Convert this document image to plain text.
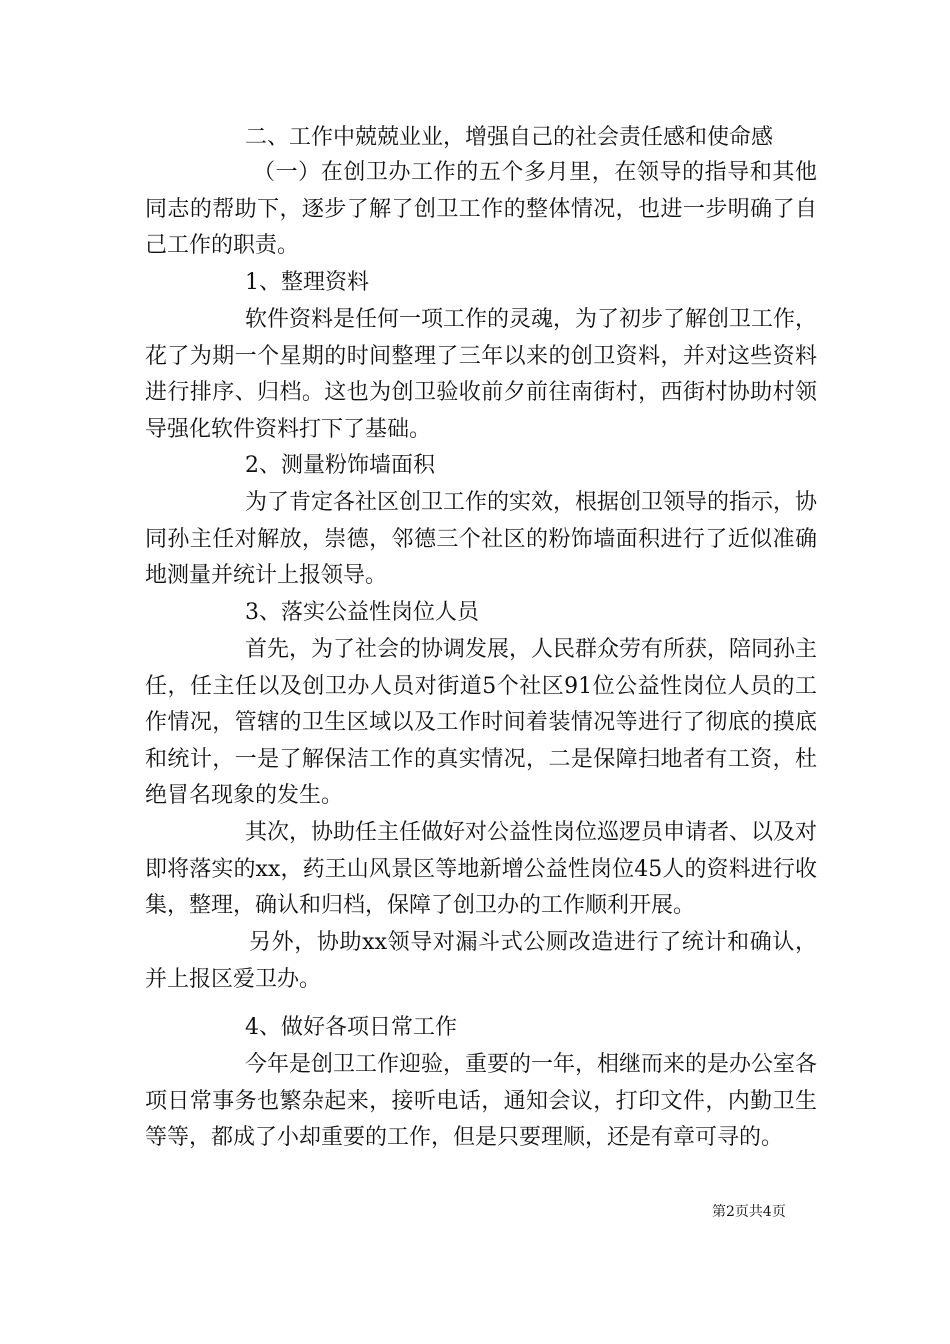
二、工作中兢兢业业，增强自己的社会责任感和使命感
（一）在创卫办工作的五个多月里，在领导的指导和其他同志的帮助下，逐步了解了创卫工作的整体情况，也进一步明确了自己工作的职责。
1、整理资料
软件资料是任何一项工作的灵魂，为了初步了解创卫工作，花了为期一个星期的时间整理了三年以来的创卫资料，并对这些资料进行排序、归档。这也为创卫验收前夕前往南街村，西街村协助村领导强化软件资料打下了基础。
2、测量粉饰墙面积
为了肯定各社区创卫工作的实效，根据创卫领导的指示，协同孙主任对解放，崇德，邻德三个社区的粉饰墙面积进行了近似准确地测量并统计上报领导。
3、落实公益性岗位人员
首先，为了社会的协调发展，人民群众劳有所获，陪同孙主任，任主任以及创卫办人员对街道5个社区91位公益性岗位人员的工作情况，管辖的卫生区域以及工作时间着装情况等进行了彻底的摸底和统计，一是了解保洁工作的真实情况，二是保障扫地者有工资，杜绝冒名现象的发生。
其次，协助任主任做好对公益性岗位巡逻员申请者、以及对即将落实的xx，药王山风景区等地新增公益性岗位45人的资料进行收集，整理，确认和归档，保障了创卫办的工作顺利开展。
另外，协助xx领导对漏斗式公厕改造进行了统计和确认，并上报区爱卫办。
4、做好各项日常工作
今年是创卫工作迎验，重要的一年，相继而来的是办公室各项日常事务也繁杂起来，接听电话，通知会议，打印文件，内勤卫生等等，都成了小却重要的工作，但是只要理顺，还是有章可寻的。
第2页共4页
